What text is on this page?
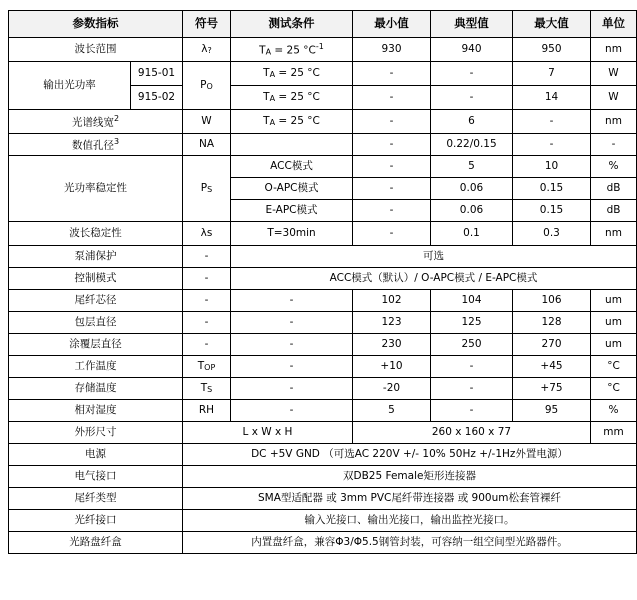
参数指标		符号	测试条件	最小值	典型值	最大值	单位
波长范围		λ?	TA = 25 $^\circ C^{-1}$	930	940	950	nm
输出光功率	915-01	PO	TA = 25 °C	-	-	7	W
	915-02		TA = 25 °C	-	-	14	W
光谱线宽$^2$		W	TA = 25 °C	-	6	-	nm
数值孔径$^3$		NA		-	0.22/0.15	-	-
光功率稳定性		PS	ACC模式	-	5	10	%
			O-APC模式	-	0.06	0.15	dB
			E-APC模式	-	0.06	0.15	dB
波长稳定性		λs	T=30min	-	0.1	0.3	nm
泵浦保护		-	可选				
控制模式		-	ACC模式（默认）/ O-APC模式 / E-APC模式				
尾纤芯径		-	-	102	104	106	um
包层直径		-	-	123	125	128	um
涂覆层直径		-	-	230	250	270	um
工作温度		TOP	-	+10	-	+45	°C
存储温度		TS	-	-20	-	+75	°C
相对湿度		RH	-	5	-	95	%
外形尺寸		L x W x H		260 x 160 x 77			mm
电源		DC +5V GND （可选AC 220V +/- 10% 50Hz +/-1Hz外置电源）					
电气接口		双DB25 Female矩形连接器					
尾纤类型		SMA型适配器 或 3mm PVC尾纤带连接器 或 900um松套管裸纤					
光纤接口		输入光接口、输出光接口，输出监控光接口。					
光路盘纤盒		内置盘纤盒，兼容Φ3/Φ5.5钢管封装，可容纳一组空间型光路器件。					
